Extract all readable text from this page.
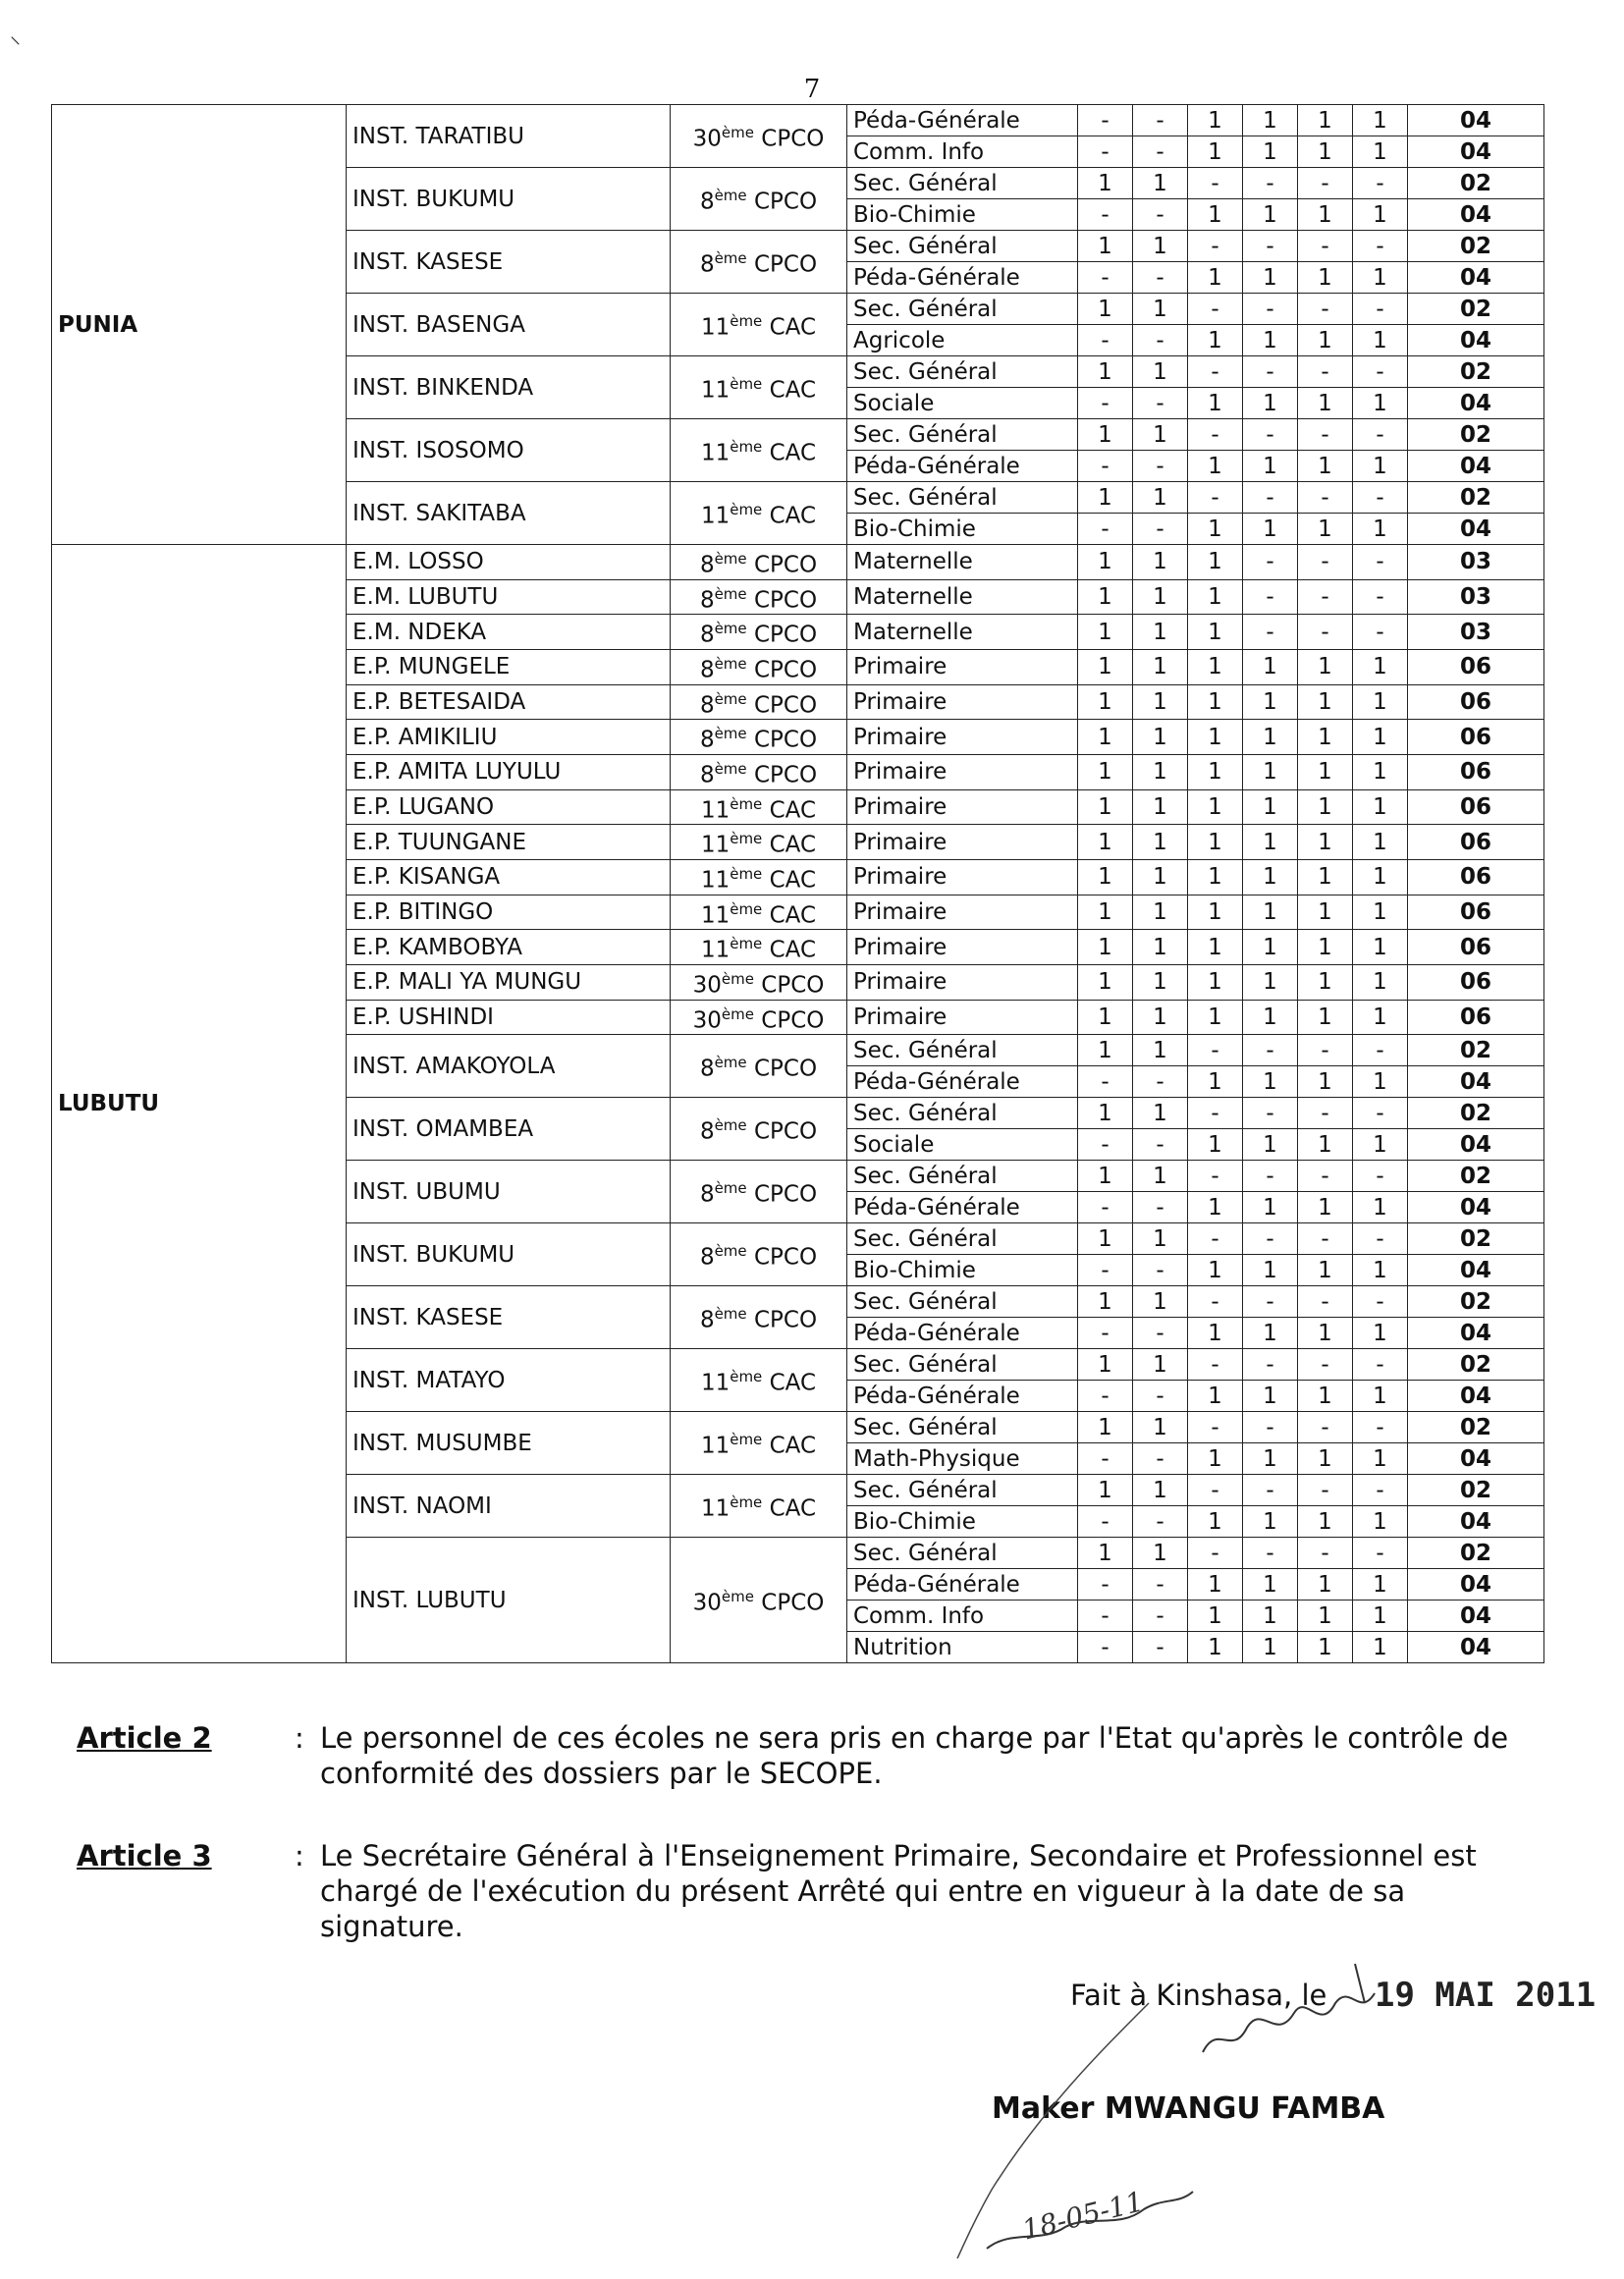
7
⸌
PUNIA	INST. TARATIBU	30ème CPCO	Péda-Générale	-	-	1	1	1	1	04
			Comm. Info	-	-	1	1	1	1	04
	INST. BUKUMU	8ème CPCO	Sec. Général	1	1	-	-	-	-	02
			Bio-Chimie	-	-	1	1	1	1	04
	INST. KASESE	8ème CPCO	Sec. Général	1	1	-	-	-	-	02
			Péda-Générale	-	-	1	1	1	1	04
	INST. BASENGA	11ème CAC	Sec. Général	1	1	-	-	-	-	02
			Agricole	-	-	1	1	1	1	04
	INST. BINKENDA	11ème CAC	Sec. Général	1	1	-	-	-	-	02
			Sociale	-	-	1	1	1	1	04
	INST. ISOSOMO	11ème CAC	Sec. Général	1	1	-	-	-	-	02
			Péda-Générale	-	-	1	1	1	1	04
	INST. SAKITABA	11ème CAC	Sec. Général	1	1	-	-	-	-	02
			Bio-Chimie	-	-	1	1	1	1	04
LUBUTU	E.M. LOSSO	8ème CPCO	Maternelle	1	1	1	-	-	-	03
	E.M. LUBUTU	8ème CPCO	Maternelle	1	1	1	-	-	-	03
	E.M. NDEKA	8ème CPCO	Maternelle	1	1	1	-	-	-	03
	E.P. MUNGELE	8ème CPCO	Primaire	1	1	1	1	1	1	06
	E.P. BETESAIDA	8ème CPCO	Primaire	1	1	1	1	1	1	06
	E.P. AMIKILIU	8ème CPCO	Primaire	1	1	1	1	1	1	06
	E.P. AMITA LUYULU	8ème CPCO	Primaire	1	1	1	1	1	1	06
	E.P. LUGANO	11ème CAC	Primaire	1	1	1	1	1	1	06
	E.P. TUUNGANE	11ème CAC	Primaire	1	1	1	1	1	1	06
	E.P. KISANGA	11ème CAC	Primaire	1	1	1	1	1	1	06
	E.P. BITINGO	11ème CAC	Primaire	1	1	1	1	1	1	06
	E.P. KAMBOBYA	11ème CAC	Primaire	1	1	1	1	1	1	06
	E.P. MALI YA MUNGU	30ème CPCO	Primaire	1	1	1	1	1	1	06
	E.P. USHINDI	30ème CPCO	Primaire	1	1	1	1	1	1	06
	INST. AMAKOYOLA	8ème CPCO	Sec. Général	1	1	-	-	-	-	02
			Péda-Générale	-	-	1	1	1	1	04
	INST. OMAMBEA	8ème CPCO	Sec. Général	1	1	-	-	-	-	02
			Sociale	-	-	1	1	1	1	04
	INST. UBUMU	8ème CPCO	Sec. Général	1	1	-	-	-	-	02
			Péda-Générale	-	-	1	1	1	1	04
	INST. BUKUMU	8ème CPCO	Sec. Général	1	1	-	-	-	-	02
			Bio-Chimie	-	-	1	1	1	1	04
	INST. KASESE	8ème CPCO	Sec. Général	1	1	-	-	-	-	02
			Péda-Générale	-	-	1	1	1	1	04
	INST. MATAYO	11ème CAC	Sec. Général	1	1	-	-	-	-	02
			Péda-Générale	-	-	1	1	1	1	04
	INST. MUSUMBE	11ème CAC	Sec. Général	1	1	-	-	-	-	02
			Math-Physique	-	-	1	1	1	1	04
	INST. NAOMI	11ème CAC	Sec. Général	1	1	-	-	-	-	02
			Bio-Chimie	-	-	1	1	1	1	04
	INST. LUBUTU	30ème CPCO	Sec. Général	1	1	-	-	-	-	02
			Péda-Générale	-	-	1	1	1	1	04
			Comm. Info	-	-	1	1	1	1	04
			Nutrition	-	-	1	1	1	1	04
Article 2	: Le personnel de ces écoles ne sera pris en charge par l'Etat qu'après le contrôle de conformité des dossiers par le SECOPE.
Article 3	: Le Secrétaire Général à l'Enseignement Primaire, Secondaire et Professionnel est chargé de l'exécution du présent Arrêté qui entre en vigueur à la date de sa signature.
Fait à Kinshasa, le 19 MAI 2011
Maker MWANGU FAMBA
18-05-11
